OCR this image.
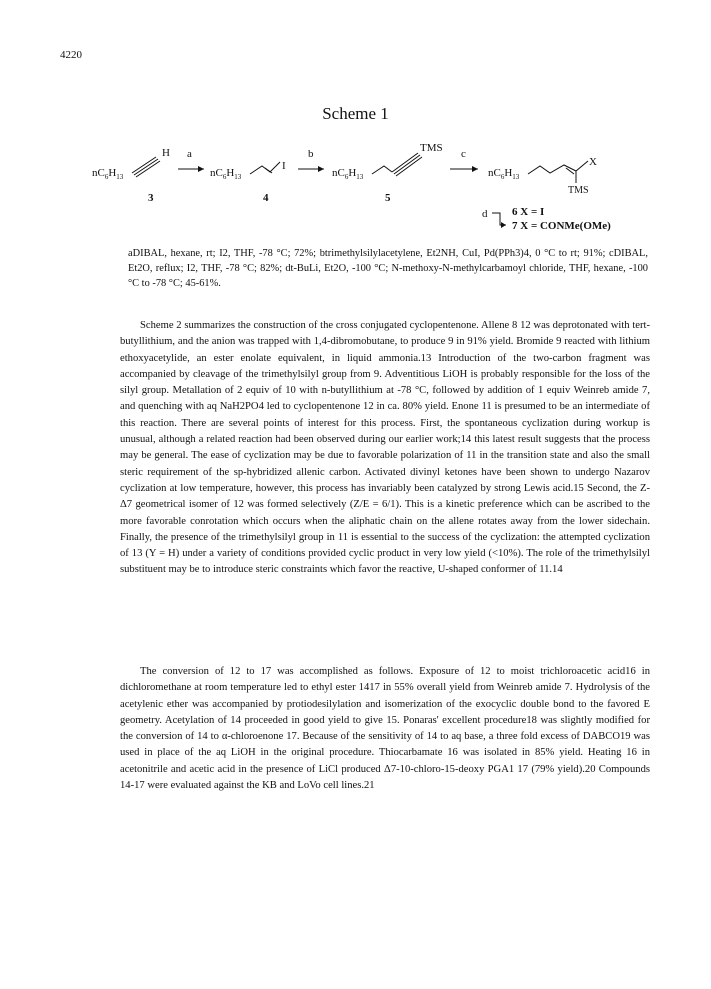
4220
Scheme 1
$nC_6H_{13}$
H
3
a
$nC_6H_{13}$
I
4
b
$nC_6H_{13}$
TMS
5
c
$nC_6H_{13}$
X
TMS
d 6 X = I
7 X = CONMe(OMe)
aDIBAL, hexane, rt; I2, THF, -78 °C; 72%; btrimethylsilylacetylene, Et2NH, CuI, Pd(PPh3)4, 0 °C to rt; 91%; cDIBAL, Et2O, reflux; I2, THF, -78 °C; 82%; dt-BuLi, Et2O, -100 °C; N-methoxy-N-methylcarbamoyl chloride, THF, hexane, -100 °C to -78 °C; 45-61%.
Scheme 2 summarizes the construction of the cross conjugated cyclopentenone. Allene 8 12 was deprotonated with tert-butyllithium, and the anion was trapped with 1,4-dibromobutane, to produce 9 in 91% yield. Bromide 9 reacted with lithium ethoxyacetylide, an ester enolate equivalent, in liquid ammonia.13 Introduction of the two-carbon fragment was accompanied by cleavage of the trimethylsilyl group from 9. Adventitious LiOH is probably responsible for the loss of the silyl group. Metallation of 2 equiv of 10 with n-butyllithium at -78 °C, followed by addition of 1 equiv Weinreb amide 7, and quenching with aq NaH2PO4 led to cyclopentenone 12 in ca. 80% yield. Enone 11 is presumed to be an intermediate of this reaction. There are several points of interest for this process. First, the spontaneous cyclization during workup is unusual, although a related reaction had been observed during our earlier work;14 this latest result suggests that the process may be general. The ease of cyclization may be due to favorable polarization of 11 in the transition state and also the small steric requirement of the sp-hybridized allenic carbon. Activated divinyl ketones have been shown to undergo Nazarov cyclization at low temperature, however, this process has invariably been catalyzed by strong Lewis acid.15 Second, the Z-Δ7 geometrical isomer of 12 was formed selectively (Z/E = 6/1). This is a kinetic preference which can be ascribed to the more favorable conrotation which occurs when the aliphatic chain on the allene rotates away from the lower sidechain. Finally, the presence of the trimethylsilyl group in 11 is essential to the success of the cyclization: the attempted cyclization of 13 (Y = H) under a variety of conditions provided cyclic product in very low yield (<10%). The role of the trimethylsilyl substituent may be to introduce steric constraints which favor the reactive, U-shaped conformer of 11.14
The conversion of 12 to 17 was accomplished as follows. Exposure of 12 to moist trichloroacetic acid16 in dichloromethane at room temperature led to ethyl ester 1417 in 55% overall yield from Weinreb amide 7. Hydrolysis of the acetylenic ether was accompanied by protiodesilylation and isomerization of the exocyclic double bond to the favored E geometry. Acetylation of 14 proceeded in good yield to give 15. Ponaras' excellent procedure18 was slightly modified for the conversion of 14 to α-chloroenone 17. Because of the sensitivity of 14 to aq base, a three fold excess of DABCO19 was used in place of the aq LiOH in the original procedure. Thiocarbamate 16 was isolated in 85% yield. Heating 16 in acetonitrile and acetic acid in the presence of LiCl produced Δ7-10-chloro-15-deoxy PGA1 17 (79% yield).20 Compounds 14-17 were evaluated against the KB and LoVo cell lines.21
